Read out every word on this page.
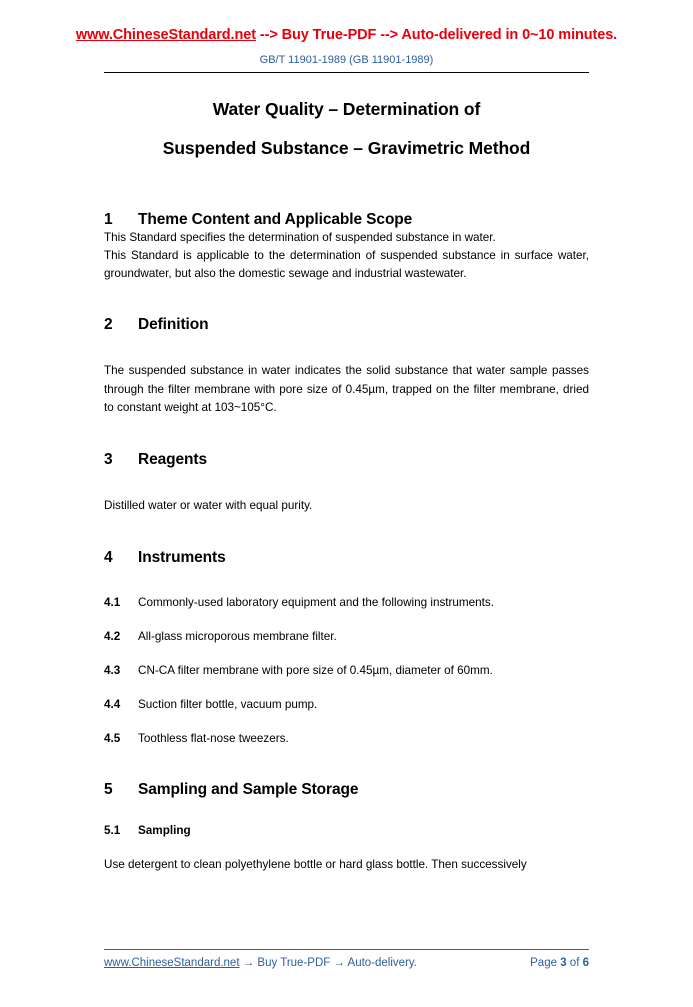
www.ChineseStandard.net --> Buy True-PDF --> Auto-delivered in 0~10 minutes.
GB/T 11901-1989 (GB 11901-1989)
Water Quality – Determination of
Suspended Substance – Gravimetric Method
1 Theme Content and Applicable Scope

This Standard specifies the determination of suspended substance in water.

This Standard is applicable to the determination of suspended substance in surface water, groundwater, but also the domestic sewage and industrial wastewater.

2 Definition

The suspended substance in water indicates the solid substance that water sample passes through the filter membrane with pore size of 0.45µm, trapped on the filter membrane, dried to constant weight at 103~105°C.

3 Reagents

Distilled water or water with equal purity.

4 Instruments
4.1	Commonly-used laboratory equipment and the following instruments.
4.2	All-glass microporous membrane filter.
4.3	CN-CA filter membrane with pore size of 0.45µm, diameter of 60mm.
4.4	Suction filter bottle, vacuum pump.
4.5	Toothless flat-nose tweezers.
5 Sampling and Sample Storage
5.1	Sampling

Use detergent to clean polyethylene bottle or hard glass bottle. Then successively

www.ChineseStandard.net → Buy True-PDF → Auto-delivery.	Page 3 of 6
